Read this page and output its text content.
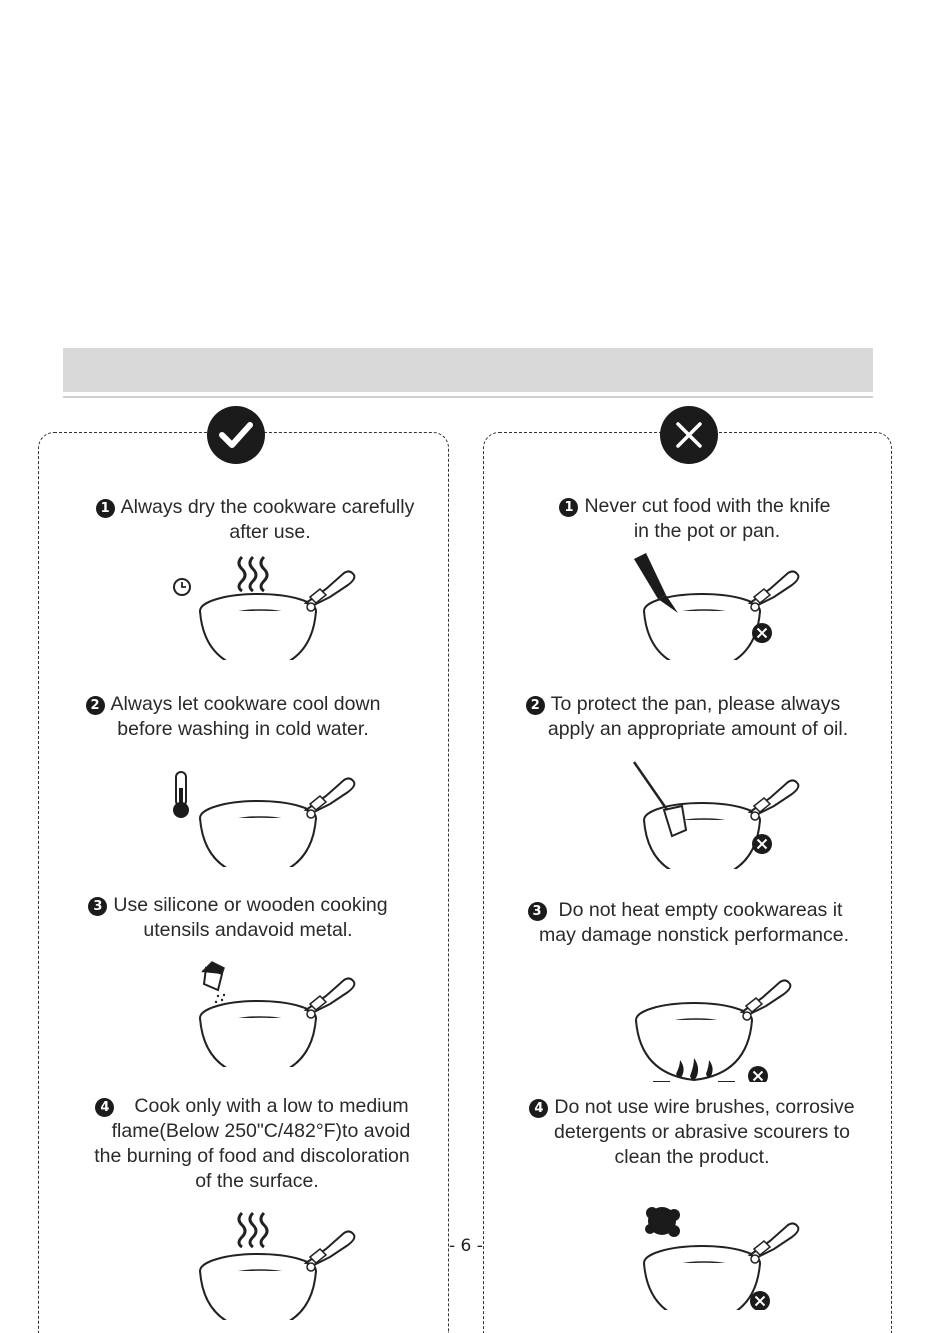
1 Always dry the cookware carefully
after use.
2 Always let cookware cool down
before washing in cold water.
3 Use silicone or wooden cooking
utensils andavoid metal.
4 Cook only with a low to medium
flame(Below 250"C/482°F)to avoid
the burning of food and discoloration
of the surface.
1 Never cut food with the knife
in the pot or pan.
2 To protect the pan, please always
apply an appropriate amount of oil.
3 Do not heat empty cookwareas it
may damage nonstick performance.
4 Do not use wire brushes, corrosive
detergents or abrasive scourers to
clean the product.
- 6 -
